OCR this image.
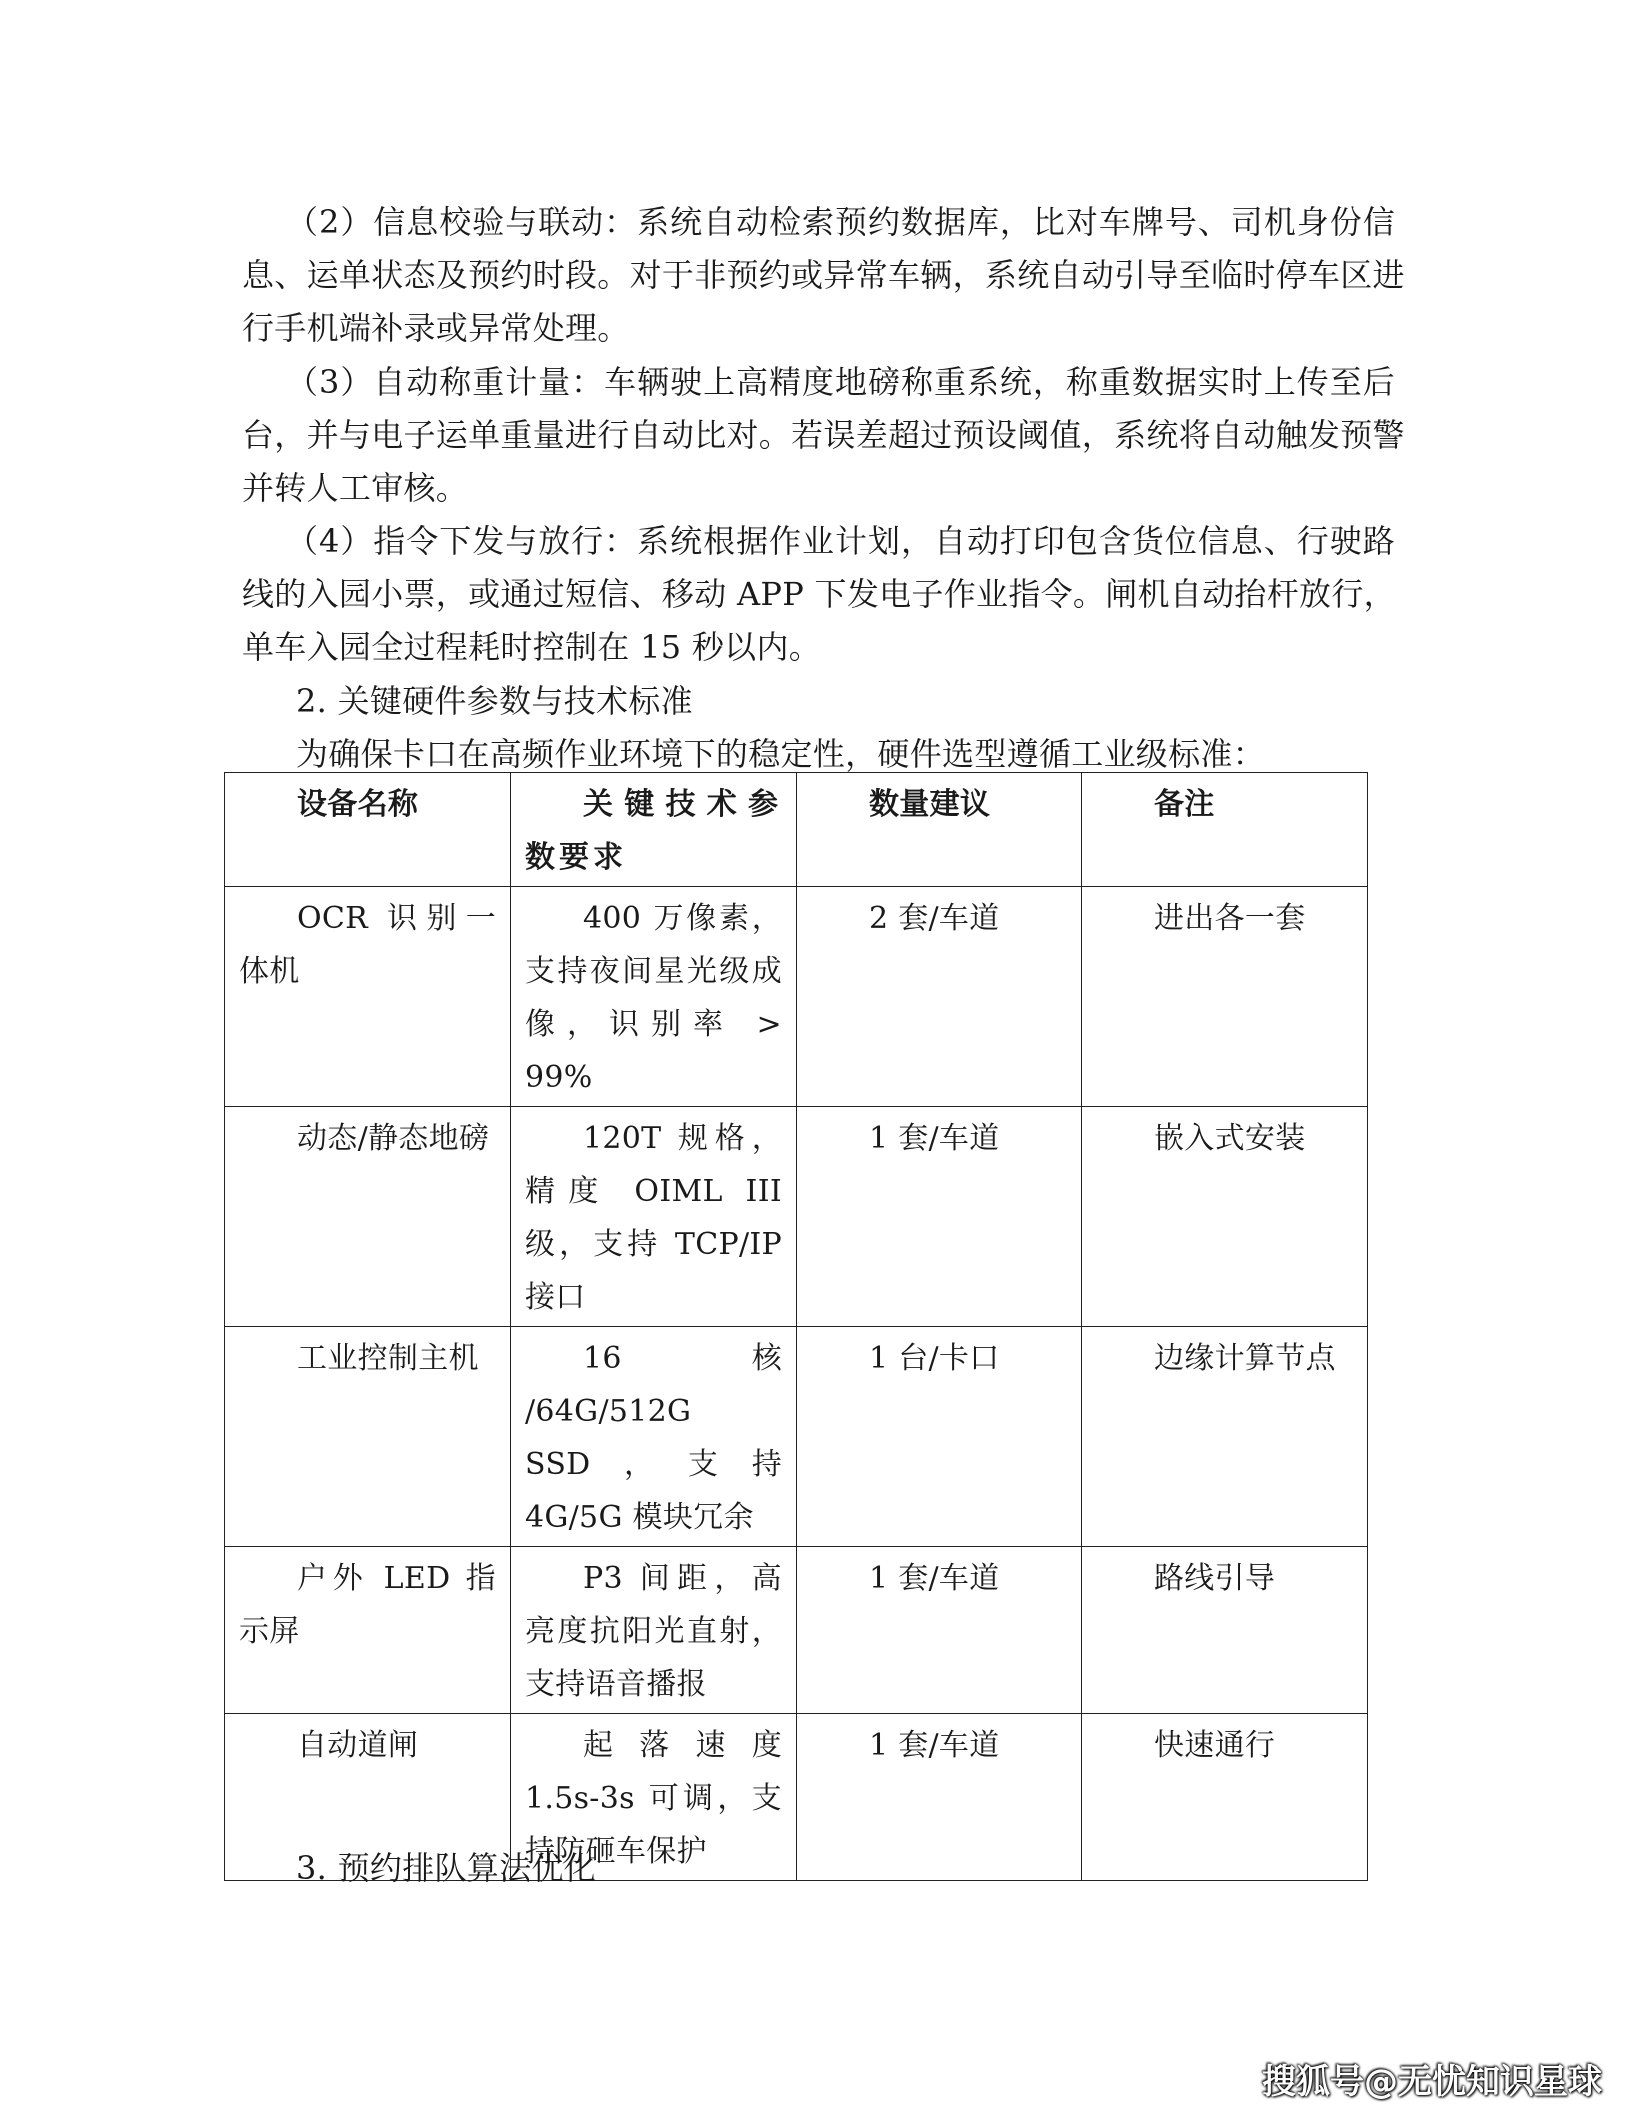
（2）信息校验与联动：系统自动检索预约数据库，比对车牌号、司机身份信
息、运单状态及预约时段。对于非预约或异常车辆，系统自动引导至临时停车区进
行手机端补录或异常处理。
（3）自动称重计量：车辆驶上高精度地磅称重系统，称重数据实时上传至后
台，并与电子运单重量进行自动比对。若误差超过预设阈值，系统将自动触发预警
并转人工审核。
（4）指令下发与放行：系统根据作业计划，自动打印包含货位信息、行驶路
线的入园小票，或通过短信、移动 APP 下发电子作业指令。闸机自动抬杆放行，
单车入园全过程耗时控制在 15 秒以内。
2. 关键硬件参数与技术标准
为确保卡口在高频作业环境下的稳定性，硬件选型遵循工业级标准：
设备名称	关键技术参数要求	数量建议	备注

OCR 识别一体机	400 万像素，支持夜间星光级成像，识别率 > 99%	2 套/车道	进出各一套

动态/静态地磅	120T 规格，精度 OIML III 级，支持 TCP/IP 接口	1 套/车道	嵌入式安装

工业控制主机	16 核 /64G/512G SSD，支持 4G/5G 模块冗余	1 台/卡口	边缘计算节点

户外 LED 指示屏	P3 间距，高亮度抗阳光直射，支持语音播报	1 套/车道	路线引导

自动道闸	起落速度 1.5s-3s 可调，支持防砸车保护	1 套/车道	快速通行
3. 预约排队算法优化
搜狐号@无忧知识星球
